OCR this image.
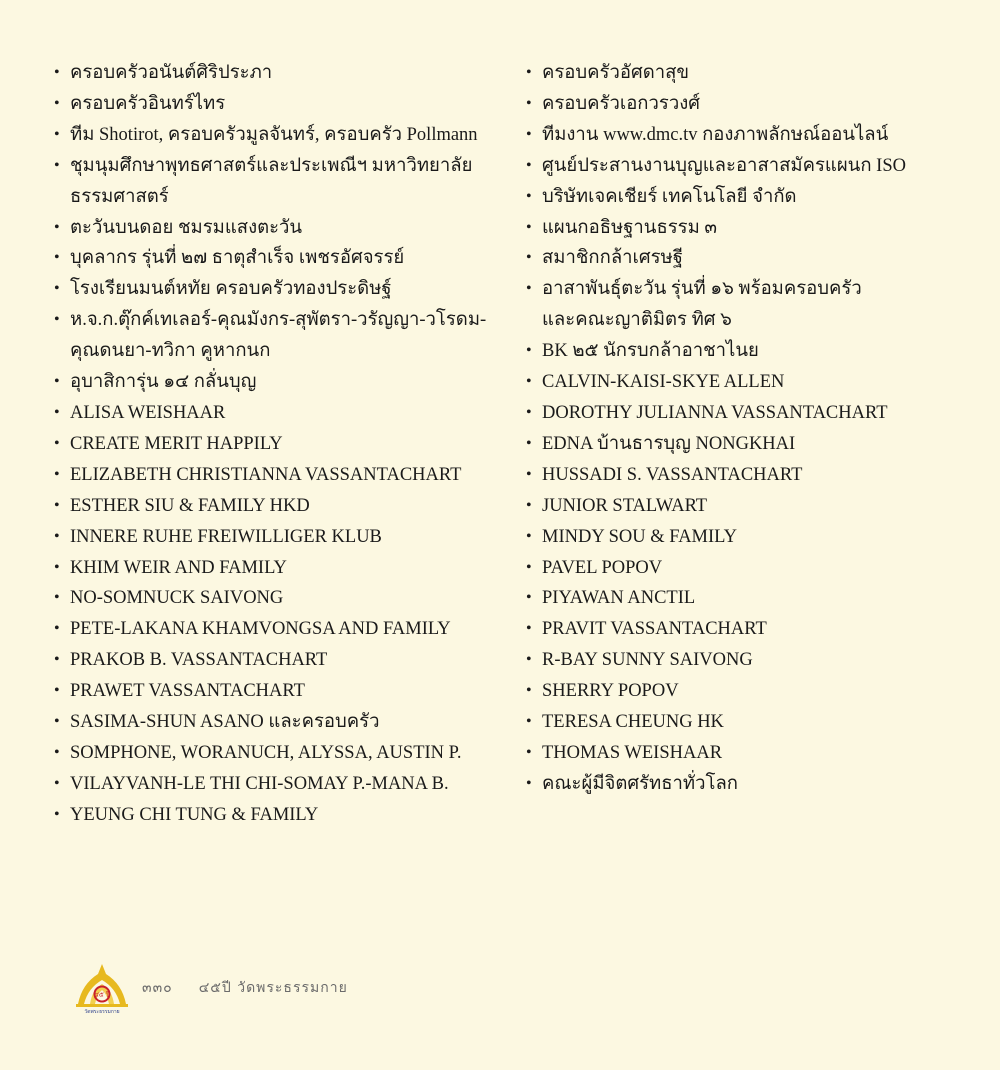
• ครอบครัวอนันต์ศิริประภา
• ครอบครัวอินทร์ไทร
• ทีม Shotirot, ครอบครัวมูลจันทร์, ครอบครัว Pollmann
• ชุมนุมศึกษาพุทธศาสตร์และประเพณีฯ มหาวิทยาลัยธรรมศาสตร์
• ตะวันบนดอย ชมรมแสงตะวัน
• บุคลากร รุ่นที่ ๒๗ ธาตุสำเร็จ เพชรอัศจรรย์
• โรงเรียนมนต์หทัย ครอบครัวทองประดิษฐ์
• ห.จ.ก.ตุ๊กค์เทเลอร์-คุณมังกร-สุพัตรา-วรัญญา-วโรดม-
คุณดนยา-ทวิกา คูหากนก
• อุบาสิการุ่น ๑๔ กลั่นบุญ
• ALISA WEISHAAR
• CREATE MERIT HAPPILY
• ELIZABETH CHRISTIANNA VASSANTACHART
• ESTHER SIU & FAMILY HKD
• INNERE RUHE FREIWILLIGER KLUB
• KHIM WEIR AND FAMILY
• NO-SOMNUCK SAIVONG
• PETE-LAKANA KHAMVONGSA AND FAMILY
• PRAKOB B. VASSANTACHART
• PRAWET VASSANTACHART
• SASIMA-SHUN ASANO และครอบครัว
• SOMPHONE, WORANUCH, ALYSSA, AUSTIN P.
• VILAYVANH-LE THI CHI-SOMAY P.-MANA B.
• YEUNG CHI TUNG & FAMILY
• ครอบครัวอัศดาสุข
• ครอบครัวเอกวรวงศ์
• ทีมงาน www.dmc.tv กองภาพลักษณ์ออนไลน์
• ศูนย์ประสานงานบุญและอาสาสมัครแผนก ISO
• บริษัทเจคเชียร์ เทคโนโลยี จำกัด
• แผนกอธิษฐานธรรม ๓
• สมาชิกกล้าเศรษฐี
• อาสาพันธุ์ตะวัน รุ่นที่ ๑๖ พร้อมครอบครัว
และคณะญาติมิตร ทิศ ๖
• BK ๒๕ นักรบกล้าอาชาไนย
• CALVIN-KAISI-SKYE ALLEN
• DOROTHY JULIANNA VASSANTACHART
• EDNA บ้านธารบุญ NONGKHAI
• HUSSADI S. VASSANTACHART
• JUNIOR STALWART
• MINDY SOU & FAMILY
• PAVEL POPOV
• PIYAWAN ANCTIL
• PRAVIT VASSANTACHART
• R-BAY SUNNY SAIVONG
• SHERRY POPOV
• TERESA CHEUNG HK
• THOMAS WEISHAAR
• คณะผู้มีจิตศรัทธาทั่วโลก
๔๕ ปี
วัดพระธรรมกาย
๓๓๐ ๔๕ปี วัดพระธรรมกาย
